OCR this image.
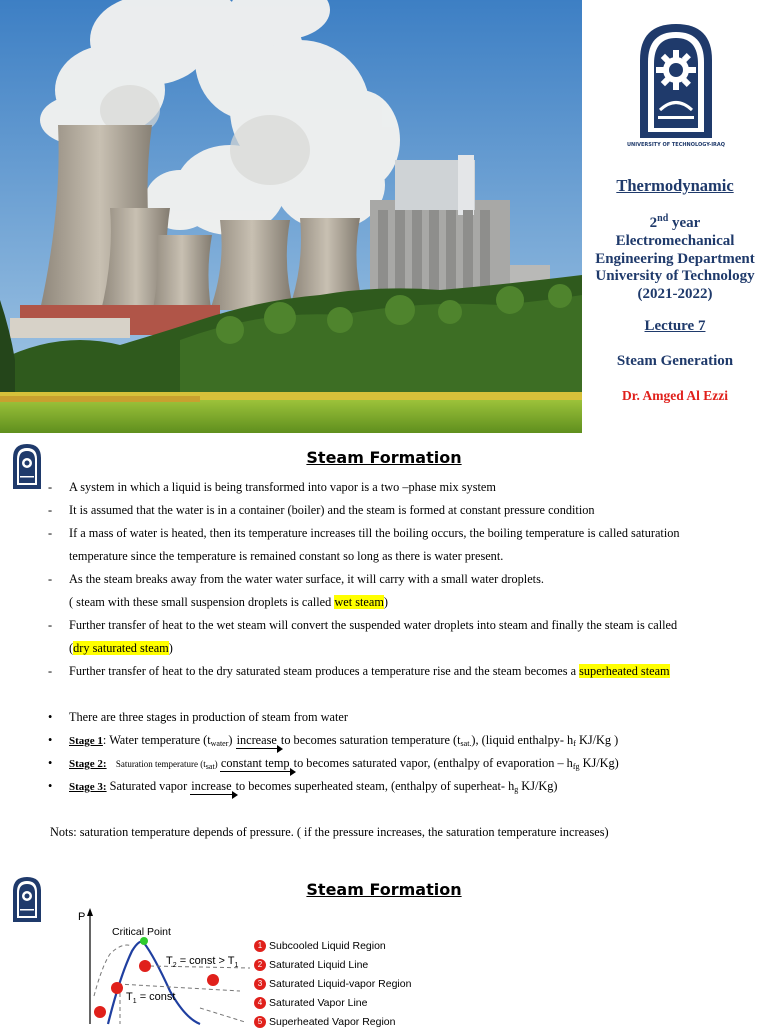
UNIVERSITY OF TECHNOLOGY-IRAQ
Thermodynamic
2nd year
Electromechanical
Engineering Department
University of Technology
(2021-2022)
Lecture 7
Steam Generation
Dr. Amged Al Ezzi
Steam Formation
- A system in which a liquid is being transformed into vapor is a two –phase mix system
- It is assumed that the water is in a container (boiler) and the steam is formed at constant pressure condition
- If a mass of water is heated, then its temperature increases till the boiling occurs, the boiling temperature is called saturation
temperature since the temperature is remained constant so long as there is water present.
- As the steam breaks away from the water water surface, it will carry with a small water droplets.
( steam with these small suspension droplets is called wet steam)
- Further transfer of heat to the wet steam will convert the suspended water droplets into steam and finally the steam is called
(dry saturated steam)
- Further transfer of heat to the dry saturated steam produces a temperature rise and the steam becomes a superheated steam
• There are three stages in production of steam from water
• Stage 1: Water temperature $(t_{water})$ increase to becomes saturation temperature $(t_{sat.})$, (liquid enthalpy- $h_f$ KJ/Kg )
• Stage 2: Saturation temperature $(t_{sat})$ constant temp to becomes saturated vapor, (enthalpy of evaporation – $h_{fg}$ KJ/Kg)
• Stage 3: Saturated vapor increase to becomes superheated steam, (enthalpy of superheat- $h_g$ KJ/Kg)
Nots: saturation temperature depends of pressure. ( if the pressure increases, the saturation temperature increases)
Steam Formation
P
Critical Point
$T_2$ = const > $T_1$
$T_1$ = const
1 Subcooled Liquid Region
2 Saturated Liquid Line
3 Saturated Liquid-vapor Region
4 Saturated Vapor Line
5 Superheated Vapor Region
